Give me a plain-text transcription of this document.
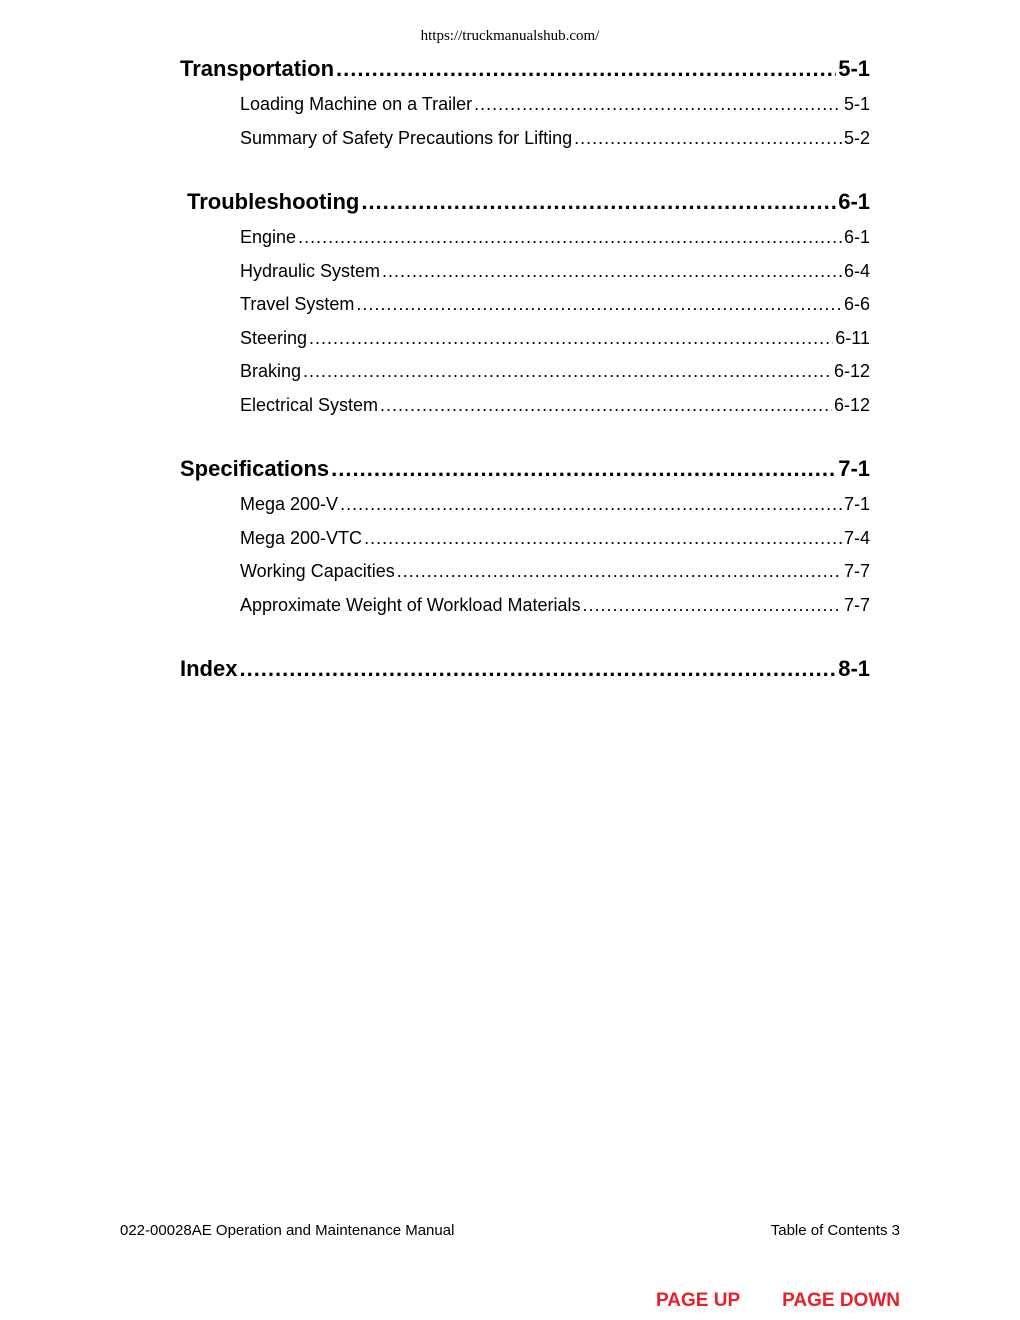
https://truckmanualshub.com/
Transportation .....	5-1
Loading Machine on a Trailer .....	5-1
Summary of Safety Precautions for Lifting .....	5-2
Troubleshooting .....	6-1
Engine .....	6-1
Hydraulic System .....	6-4
Travel System .....	6-6
Steering .....	6-11
Braking .....	6-12
Electrical System .....	6-12
Specifications .....	7-1
Mega 200-V .....	7-1
Mega 200-VTC .....	7-4
Working Capacities .....	7-7
Approximate Weight of Workload Materials .....	7-7
Index .....	8-1
022-00028AE Operation and Maintenance Manual	Table of Contents 3
PAGE UP PAGE DOWN
